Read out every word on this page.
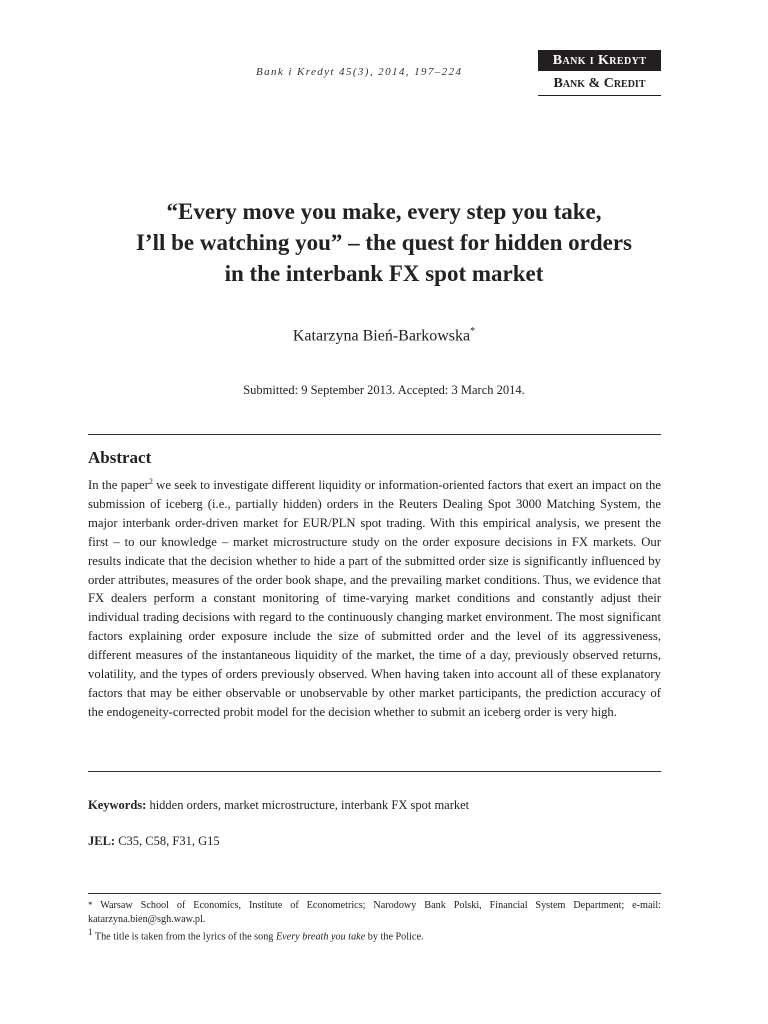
Bank i Kredyt 45(3), 2014, 197–224
Bank i Kredyt
Bank & Credit
“Every move you make, every step you take,
I’ll be watching you” – the quest for hidden orders
in the interbank FX spot market
Katarzyna Bień-Barkowska*
Submitted: 9 September 2013. Accepted: 3 March 2014.
Abstract

In the paper$^2$ we seek to investigate different liquidity or information-oriented factors that exert an impact on the submission of iceberg (i.e., partially hidden) orders in the Reuters Dealing Spot 3000 Matching System, the major interbank order-driven market for EUR/PLN spot trading. With this empirical analysis, we present the first – to our knowledge – market microstructure study on the order exposure decisions in FX markets. Our results indicate that the decision whether to hide a part of the submitted order size is significantly influenced by order attributes, measures of the order book shape, and the prevailing market conditions. Thus, we evidence that FX dealers perform a constant monitoring of time-varying market conditions and constantly adjust their individual trading decisions with regard to the continuously changing market environment. The most significant factors explaining order exposure include the size of submitted order and the level of its aggressiveness, different measures of the instantaneous liquidity of the market, the time of a day, previously observed returns, volatility, and the types of orders previously observed. When having taken into account all of these explanatory factors that may be either observable or unobservable by other market participants, the prediction accuracy of the endogeneity-corrected probit model for the decision whether to submit an iceberg order is very high.

Keywords: hidden orders, market microstructure, interbank FX spot market
JEL: C35, C58, F31, G15

* Warsaw School of Economics, Institute of Econometrics; Narodowy Bank Polski, Financial System Department; e-mail: katarzyna.bien@sgh.waw.pl.

$^1$ The title is taken from the lyrics of the song Every breath you take by the Police.
